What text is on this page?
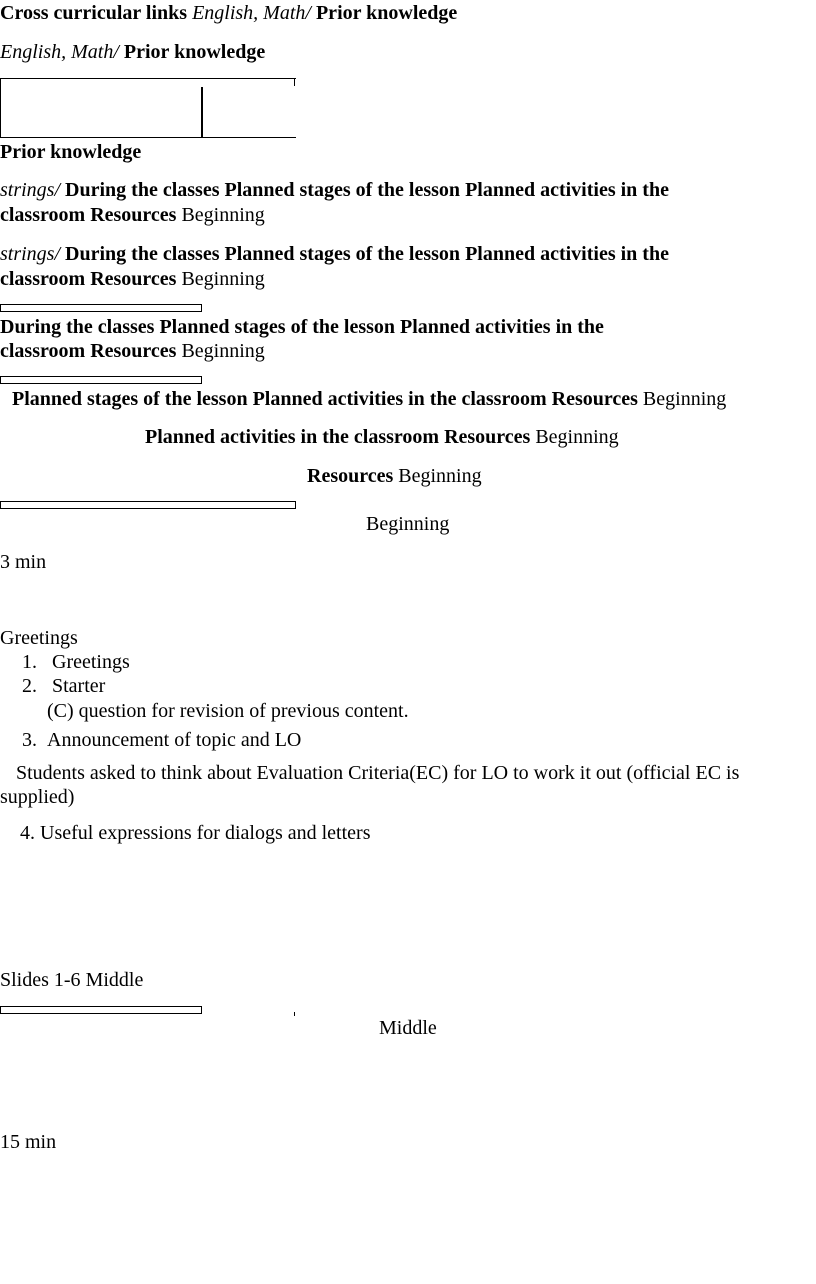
Cross curricular links English, Math/ Prior knowledge
English, Math/ Prior knowledge
Prior knowledge
strings/ During the classes Planned stages of the lesson Planned activities in the
classroom Resources Beginning
strings/ During the classes Planned stages of the lesson Planned activities in the
classroom Resources Beginning
During the classes Planned stages of the lesson Planned activities in the
classroom Resources Beginning
Planned stages of the lesson Planned activities in the classroom Resources Beginning
Planned activities in the classroom Resources Beginning
Resources Beginning
Beginning
3 min
Greetings
1. Greetings
2. Starter
(C) question for revision of previous content.
3. Announcement of topic and LO
Students asked to think about Evaluation Criteria(EC) for LO to work it out (official EC is supplied)
4. Useful expressions for dialogs and letters
Slides 1-6 Middle
Middle
15 min
